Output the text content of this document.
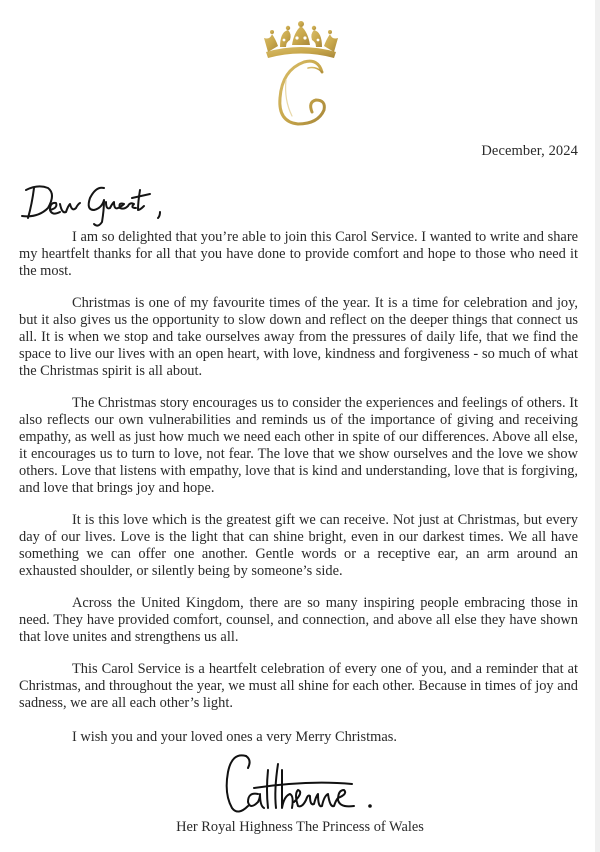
December, 2024

I am so delighted that you’re able to join this Carol Service. I wanted to write and share my heartfelt thanks for all that you have done to provide comfort and hope to those who need it the most.

Christmas is one of my favourite times of the year. It is a time for celebration and joy, but it also gives us the opportunity to slow down and reflect on the deeper things that connect us all. It is when we stop and take ourselves away from the pressures of daily life, that we find the space to live our lives with an open heart, with love, kindness and forgiveness - so much of what the Christmas spirit is all about.

The Christmas story encourages us to consider the experiences and feelings of others. It also reflects our own vulnerabilities and reminds us of the importance of giving and receiving empathy, as well as just how much we need each other in spite of our differences. Above all else, it encourages us to turn to love, not fear. The love that we show ourselves and the love we show others. Love that listens with empathy, love that is kind and understanding, love that is forgiving, and love that brings joy and hope.

It is this love which is the greatest gift we can receive. Not just at Christmas, but every day of our lives. Love is the light that can shine bright, even in our darkest times. We all have something we can offer one another. Gentle words or a receptive ear, an arm around an exhausted shoulder, or silently being by someone’s side.

Across the United Kingdom, there are so many inspiring people embracing those in need. They have provided comfort, counsel, and connection, and above all else they have shown that love unites and strengthens us all.

This Carol Service is a heartfelt celebration of every one of you, and a reminder that at Christmas, and throughout the year, we must all shine for each other. Because in times of joy and sadness, we are all each other’s light.

I wish you and your loved ones a very Merry Christmas.
Her Royal Highness The Princess of Wales
